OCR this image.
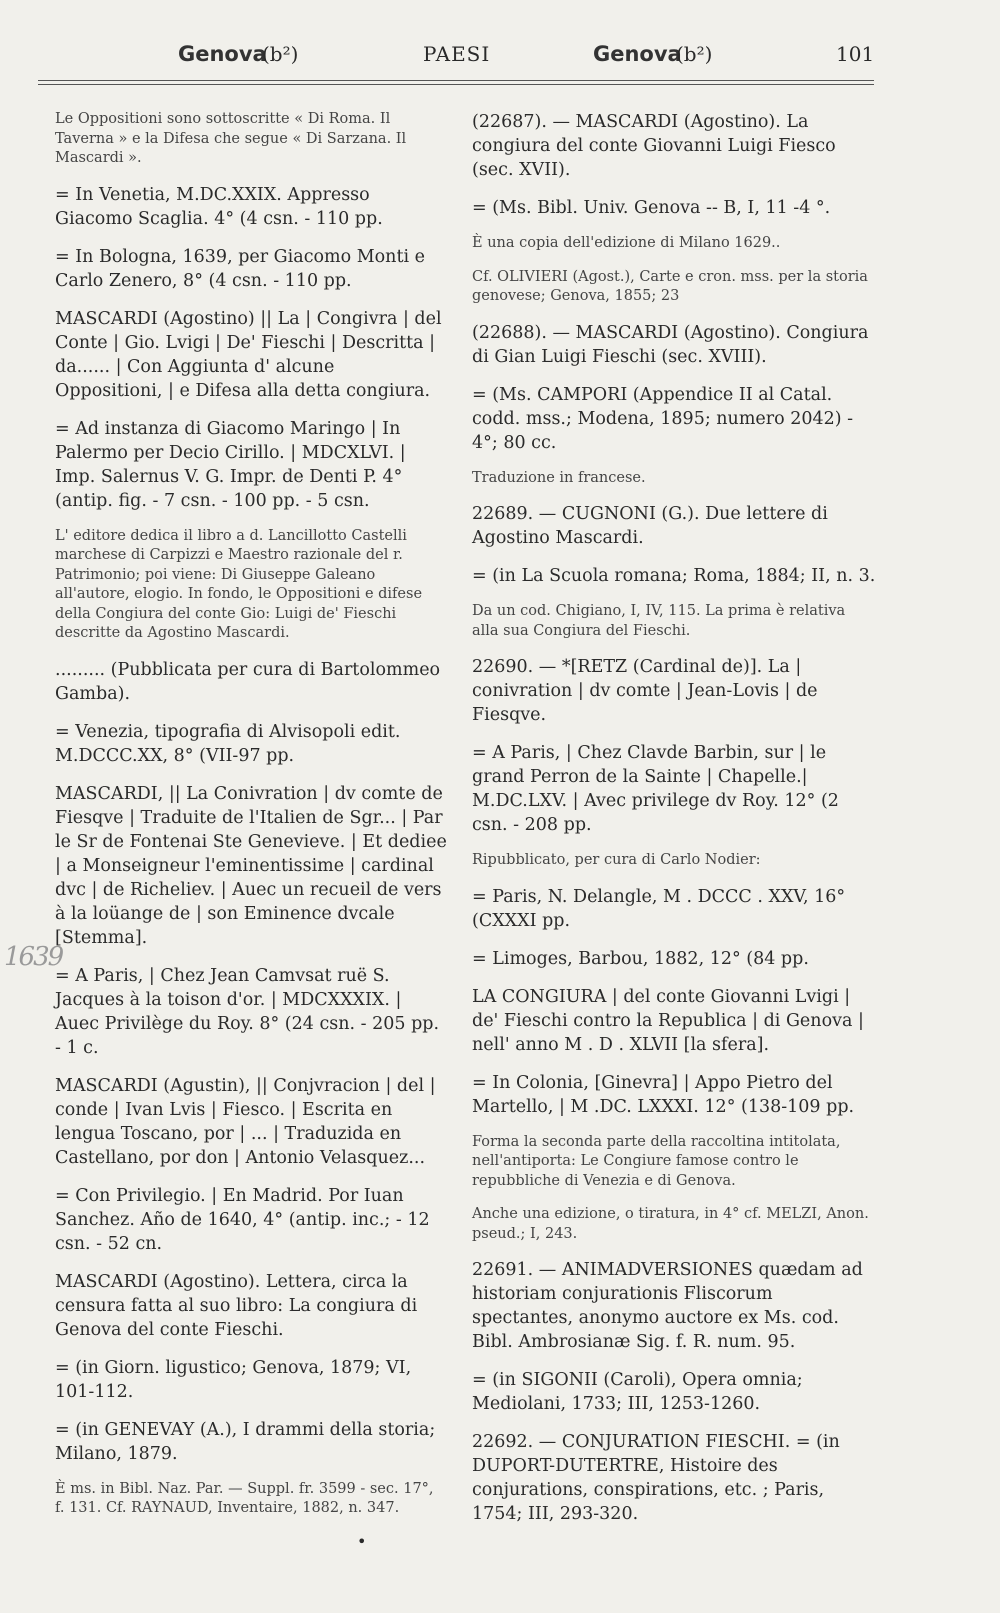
Genova
(b²)	PAESI	Genova
(b²)	101

Le Oppositioni sono sottoscritte « Di Roma. Il Taverna » e la Difesa che segue « Di Sarzana. Il Mascardi ».

= In Venetia, M.DC.XXIX. Appresso Giacomo Scaglia. 4° (4 csn. - 110 pp.

= In Bologna, 1639, per Giacomo Monti e Carlo Zenero, 8° (4 csn. - 110 pp.

MASCARDI (Agostino) || La | Congivra | del Conte | Gio. Lvigi | De' Fieschi | Descritta | da...... | Con Aggiunta d' alcune Oppositioni, | e Difesa alla detta congiura.

= Ad instanza di Giacomo Maringo | In Palermo per Decio Cirillo. | MDCXLVI. | Imp. Salernus V. G. Impr. de Denti P. 4° (antip. fig. - 7 csn. - 100 pp. - 5 csn.

L' editore dedica il libro a d. Lancillotto Castelli marchese di Carpizzi e Maestro razionale del r. Patrimonio; poi viene: Di Giuseppe Galeano all'autore, elogio. In fondo, le Oppositioni e difese della Congiura del conte Gio: Luigi de' Fieschi descritte da Agostino Mascardi.

......... (Pubblicata per cura di Bartolommeo Gamba).

= Venezia, tipografia di Alvisopoli edit. M.DCCC.XX, 8° (VII-97 pp.

MASCARDI, || La Conivration | dv comte de Fiesqve | Traduite de l'Italien de Sgr... | Par le Sr de Fontenai Ste Genevieve. | Et dediee | a Monseigneur l'eminentissime | cardinal dvc | de Richeliev. | Auec un recueil de vers à la loüange de | son Eminence dvcale [Stemma].

= A Paris, | Chez Jean Camvsat ruë S. Jacques à la toison d'or. | MDCXXXIX. | Auec Privilège du Roy. 8° (24 csn. - 205 pp. - 1 c.

MASCARDI (Agustin), || Conjvracion | del | conde | Ivan Lvis | Fiesco. | Escrita en lengua Toscano, por | ... | Traduzida en Castellano, por don | Antonio Velasquez...

= Con Privilegio. | En Madrid. Por Iuan Sanchez. Año de 1640, 4° (antip. inc.; - 12 csn. - 52 cn.

MASCARDI (Agostino). Lettera, circa la censura fatta al suo libro: La congiura di Genova del conte Fieschi.

= (in Giorn. ligustico; Genova, 1879; VI, 101-112.

= (in GENEVAY (A.), I drammi della storia; Milano, 1879.

È ms. in Bibl. Naz. Par. — Suppl. fr. 3599 - sec. 17°, f. 131. Cf. RAYNAUD, Inventaire, 1882, n. 347.

(22687). — MASCARDI (Agostino). La congiura del conte Giovanni Luigi Fiesco (sec. XVII).

= (Ms. Bibl. Univ. Genova -- B, I, 11 -4 °.

È una copia dell'edizione di Milano 1629..

Cf. OLIVIERI (Agost.), Carte e cron. mss. per la storia genovese; Genova, 1855; 23

(22688). — MASCARDI (Agostino). Congiura di Gian Luigi Fieschi (sec. XVIII).

= (Ms. CAMPORI (Appendice II al Catal. codd. mss.; Modena, 1895; numero 2042) - 4°; 80 cc.

Traduzione in francese.

22689. — CUGNONI (G.). Due lettere di Agostino Mascardi.

= (in La Scuola romana; Roma, 1884; II, n. 3.

Da un cod. Chigiano, I, IV, 115. La prima è relativa alla sua Congiura del Fieschi.

22690. — *[RETZ (Cardinal de)]. La | conivration | dv comte | Jean-Lovis | de Fiesqve.

= A Paris, | Chez Clavde Barbin, sur | le grand Perron de la Sainte | Chapelle.| M.DC.LXV. | Avec privilege dv Roy. 12° (2 csn. - 208 pp.

Ripubblicato, per cura di Carlo Nodier:

= Paris, N. Delangle, M . DCCC . XXV, 16° (CXXXI pp.

= Limoges, Barbou, 1882, 12° (84 pp.

LA CONGIURA | del conte Giovanni Lvigi | de' Fieschi contro la Republica | di Genova | nell' anno M . D . XLVII [la sfera].

= In Colonia, [Ginevra] | Appo Pietro del Martello, | M .DC. LXXXI. 12° (138-109 pp.

Forma la seconda parte della raccoltina intitolata, nell'antiporta: Le Congiure famose contro le repubbliche di Venezia e di Genova.

Anche una edizione, o tiratura, in 4° cf. MELZI, Anon. pseud.; I, 243.

22691. — ANIMADVERSIONES quædam ad historiam conjurationis Fliscorum spectantes, anonymo auctore ex Ms. cod. Bibl. Ambrosianæ Sig. f. R. num. 95.

= (in SIGONII (Caroli), Opera omnia; Mediolani, 1733; III, 1253-1260.

22692. — CONJURATION FIESCHI. = (in DUPORT-DUTERTRE, Histoire des conjurations, conspirations, etc. ; Paris, 1754; III, 293-320.

1639
•
